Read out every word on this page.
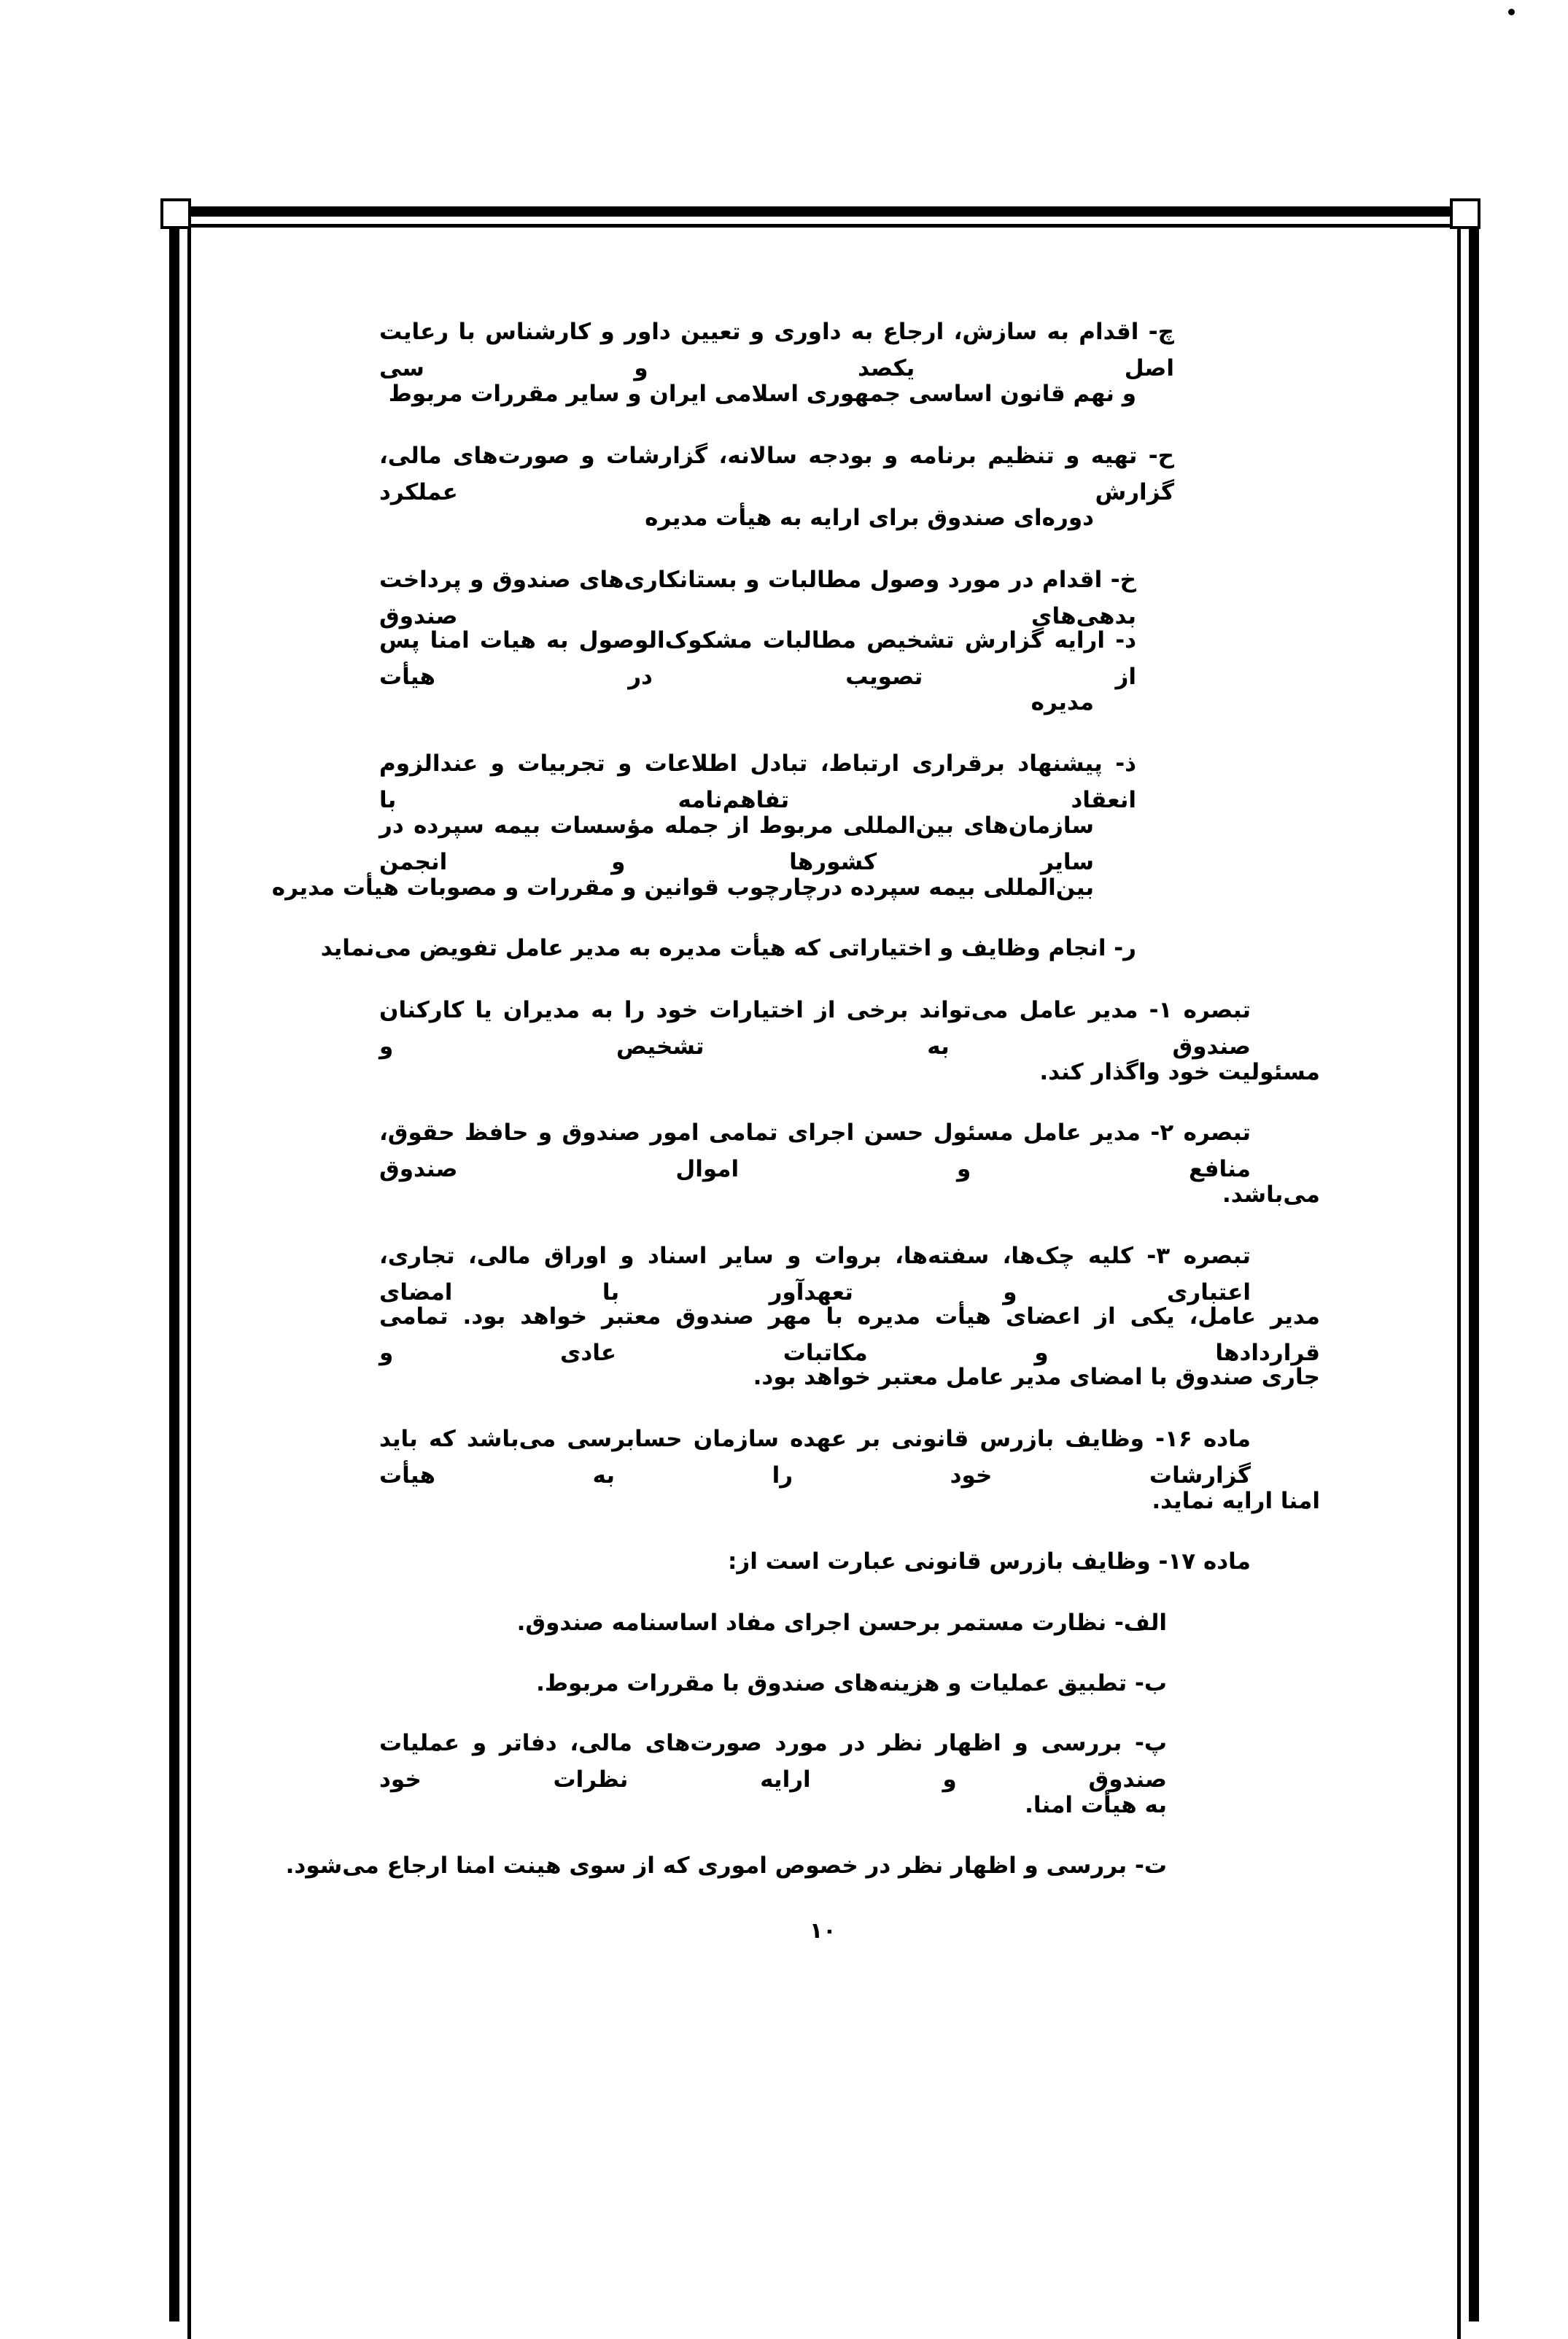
چ- اقدام به سازش، ارجاع به داوری و تعیین داور و کارشناس با رعایت اصل یکصد و سی
و نهم قانون اساسی جمهوری اسلامی ایران و سایر مقررات مربوط
ح- تهیه و تنظیم برنامه و بودجه سالانه، گزارشات و صورت‌های مالی، گزارش عملکرد
دوره‌ای صندوق برای ارایه به هیأت مدیره
خ- اقدام در مورد وصول مطالبات و بستانکاری‌های صندوق و پرداخت بدهی‌های صندوق
د- ارایه گزارش تشخیص مطالبات مشکوک‌الوصول به هیات امنا پس از تصویب در هیأت
مدیره
ذ- پیشنهاد برقراری ارتباط، تبادل اطلاعات و تجربیات و عندالزوم انعقاد تفاهم‌نامه با
سازمان‌های بین‌المللی مربوط از جمله مؤسسات بیمه سپرده در سایر کشورها و انجمن
بین‌المللی بیمه سپرده درچارچوب قوانین و مقررات و مصوبات هیأت مدیره
ر- انجام وظایف و اختیاراتی که هیأت مدیره به مدیر عامل تفویض می‌نماید
تبصره ۱- مدیر عامل می‌تواند برخی از اختیارات خود را به مدیران یا کارکنان صندوق به تشخیص و
مسئولیت خود واگذار کند.
تبصره ۲- مدیر عامل مسئول حسن اجرای تمامی امور صندوق و حافظ حقوق، منافع و اموال صندوق
می‌باشد.
تبصره ۳- کلیه چک‌ها، سفته‌ها، بروات و سایر اسناد و اوراق مالی، تجاری، اعتباری و تعهدآور با امضای
مدیر عامل، یکی از اعضای هیأت مدیره با مهر صندوق معتبر خواهد بود. تمامی قراردادها و مکاتبات عادی و
جاری صندوق با امضای مدیر عامل معتبر خواهد بود.
ماده ۱۶- وظایف بازرس قانونی بر عهده سازمان حسابرسی می‌باشد که باید گزارشات خود را به هیأت
امنا ارایه نماید.
ماده ۱۷- وظایف بازرس قانونی عبارت است از:
الف- نظارت مستمر برحسن اجرای مفاد اساسنامه صندوق.
ب- تطبیق عملیات و هزینه‌های صندوق با مقررات مربوط.
پ- بررسی و اظهار نظر در مورد صورت‌های مالی، دفاتر و عملیات صندوق و ارایه نظرات خود
به هیأت امنا.
ت- بررسی و اظهار نظر در خصوص اموری که از سوی هینت امنا ارجاع می‌شود.
۱۰
